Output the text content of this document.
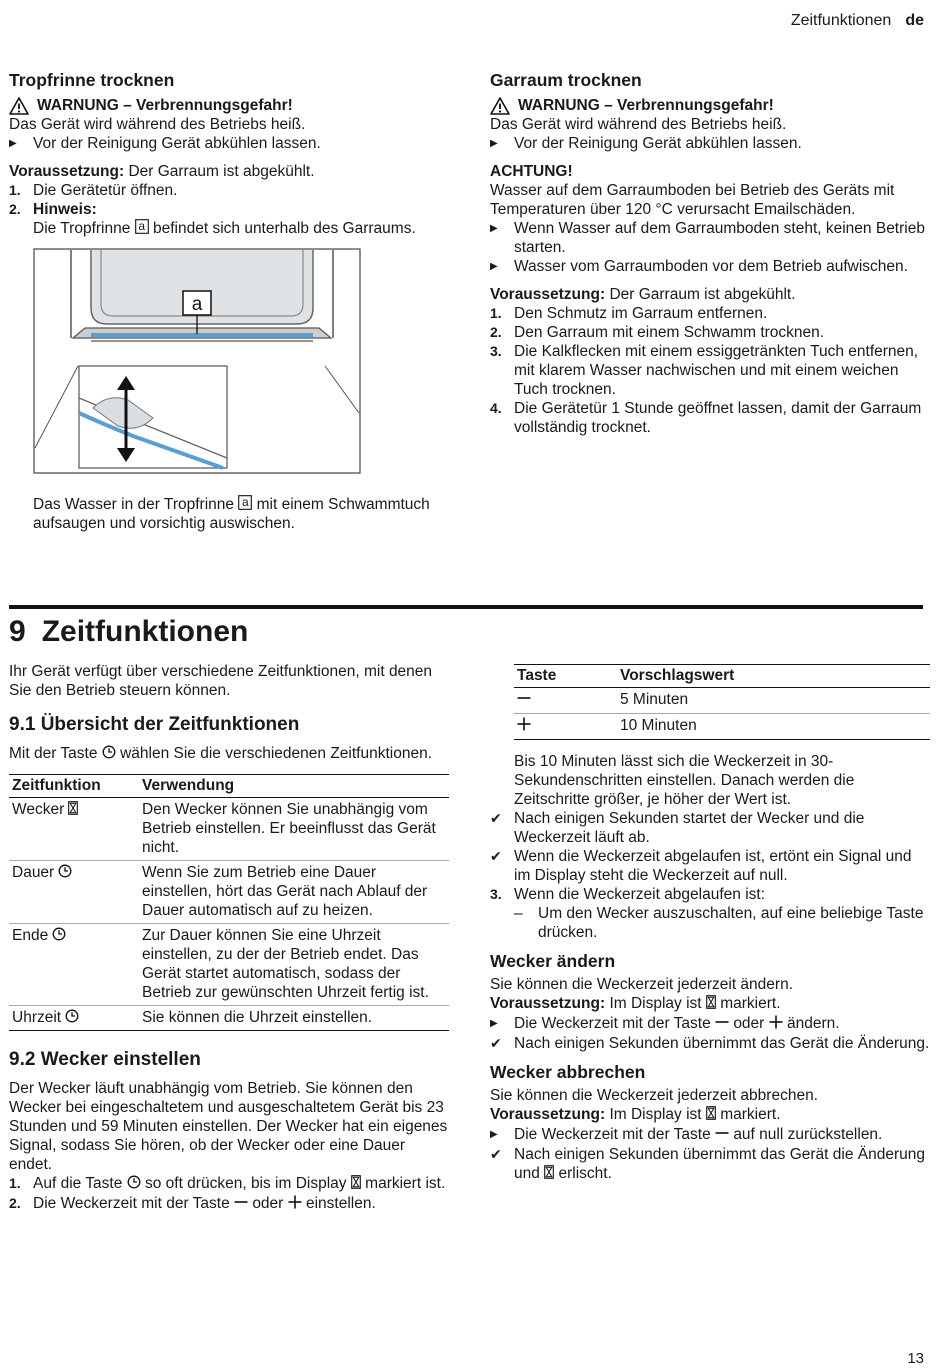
Zeitfunktionen de
Tropfrinne trocknen
WARNUNG – Verbrennungsgefahr!

Das Gerät wird während des Betriebs heiß.

▶	Vor der Reinigung Gerät abkühlen lassen.

Voraussetzung: Der Garraum ist abgekühlt.

1. Die Gerätetür öffnen.
2. Hinweis:
Die Tropfrinne a befindet sich unterhalb des Garraums.
a

Das Wasser in der Tropfrinne a mit einem Schwammtuch aufsaugen und vorsichtig auswischen.

Garraum trocknen
WARNUNG – Verbrennungsgefahr!

Das Gerät wird während des Betriebs heiß.

▶	Vor der Reinigung Gerät abkühlen lassen.

ACHTUNG!

Wasser auf dem Garraumboden bei Betrieb des Geräts mit Temperaturen über 120 °C verursacht Emailschäden.

▶	Wenn Wasser auf dem Garraumboden steht, keinen Betrieb starten.
▶	Wasser vom Garraumboden vor dem Betrieb aufwischen.

Voraussetzung: Der Garraum ist abgekühlt.

1. Den Schmutz im Garraum entfernen.
2. Den Garraum mit einem Schwamm trocknen.
3. Die Kalkflecken mit einem essiggetränkten Tuch entfernen, mit klarem Wasser nachwischen und mit einem weichen Tuch trocknen.
4. Die Gerätetür 1 Stunde geöffnet lassen, damit der Garraum vollständig trocknet.
9 Zeitfunktionen

Ihr Gerät verfügt über verschiedene Zeitfunktionen, mit denen Sie den Betrieb steuern können.

9.1 Übersicht der Zeitfunktionen

Mit der Taste wählen Sie die verschiedenen Zeitfunktionen.

Zeitfunktion	Verwendung
Wecker	Den Wecker können Sie unabhängig vom Betrieb einstellen. Er beeinflusst das Gerät nicht.
Dauer	Wenn Sie zum Betrieb eine Dauer einstellen, hört das Gerät nach Ablauf der Dauer automatisch auf zu heizen.
Ende	Zur Dauer können Sie eine Uhrzeit einstellen, zu der der Betrieb endet. Das Gerät startet automatisch, sodass der Betrieb zur gewünschten Uhrzeit fertig ist.
Uhrzeit	Sie können die Uhrzeit einstellen.
9.2 Wecker einstellen

Der Wecker läuft unabhängig vom Betrieb. Sie können den Wecker bei eingeschaltetem und ausgeschaltetem Gerät bis 23 Stunden und 59 Minuten einstellen. Der Wecker hat ein eigenes Signal, sodass Sie hören, ob der Wecker oder eine Dauer endet.

1. Auf die Taste so oft drücken, bis im Display markiert ist.
2. Die Weckerzeit mit der Taste oder einstellen.
Taste	Vorschlagswert
	5 Minuten
	10 Minuten

Bis 10 Minuten lässt sich die Weckerzeit in 30-Sekundenschritten einstellen. Danach werden die Zeitschritte größer, je höher der Wert ist.

✔ Nach einigen Sekunden startet der Wecker und die Weckerzeit läuft ab.
✔ Wenn die Weckerzeit abgelaufen ist, ertönt ein Signal und im Display steht die Weckerzeit auf null.
3. Wenn die Weckerzeit abgelaufen ist:
– Um den Wecker auszuschalten, auf eine beliebige Taste drücken.
Wecker ändern

Sie können die Weckerzeit jederzeit ändern.

Voraussetzung: Im Display ist markiert.

▶	Die Weckerzeit mit der Taste oder ändern.
✔ Nach einigen Sekunden übernimmt das Gerät die Änderung.
Wecker abbrechen

Sie können die Weckerzeit jederzeit abbrechen.

Voraussetzung: Im Display ist markiert.

▶	Die Weckerzeit mit der Taste auf null zurückstellen.
✔ Nach einigen Sekunden übernimmt das Gerät die Änderung und erlischt.
13
